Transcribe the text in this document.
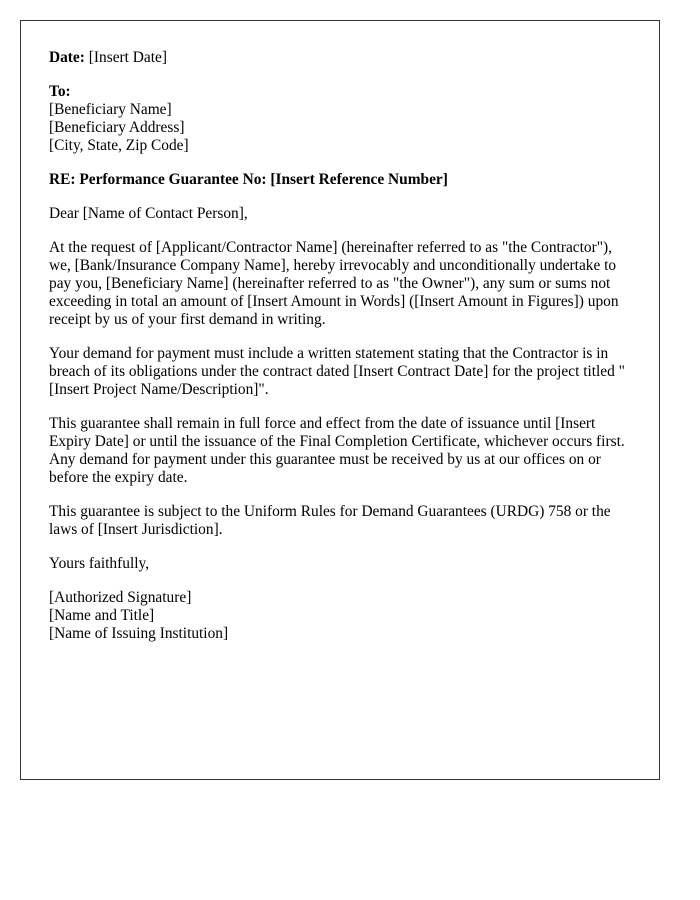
Date: [Insert Date]

To:
[Beneficiary Name]
[Beneficiary Address]
[City, State, Zip Code]

RE: Performance Guarantee No: [Insert Reference Number]

Dear [Name of Contact Person],

At the request of [Applicant/Contractor Name] (hereinafter referred to as "the Contractor"), we, [Bank/Insurance Company Name], hereby irrevocably and unconditionally undertake to pay you, [Beneficiary Name] (hereinafter referred to as "the Owner"), any sum or sums not exceeding in total an amount of [Insert Amount in Words] ([Insert Amount in Figures]) upon receipt by us of your first demand in writing.

Your demand for payment must include a written statement stating that the Contractor is in breach of its obligations under the contract dated [Insert Contract Date] for the project titled "[Insert Project Name/Description]".

This guarantee shall remain in full force and effect from the date of issuance until [Insert Expiry Date] or until the issuance of the Final Completion Certificate, whichever occurs first. Any demand for payment under this guarantee must be received by us at our offices on or before the expiry date.

This guarantee is subject to the Uniform Rules for Demand Guarantees (URDG) 758 or the laws of [Insert Jurisdiction].

Yours faithfully,

[Authorized Signature]
[Name and Title]
[Name of Issuing Institution]
